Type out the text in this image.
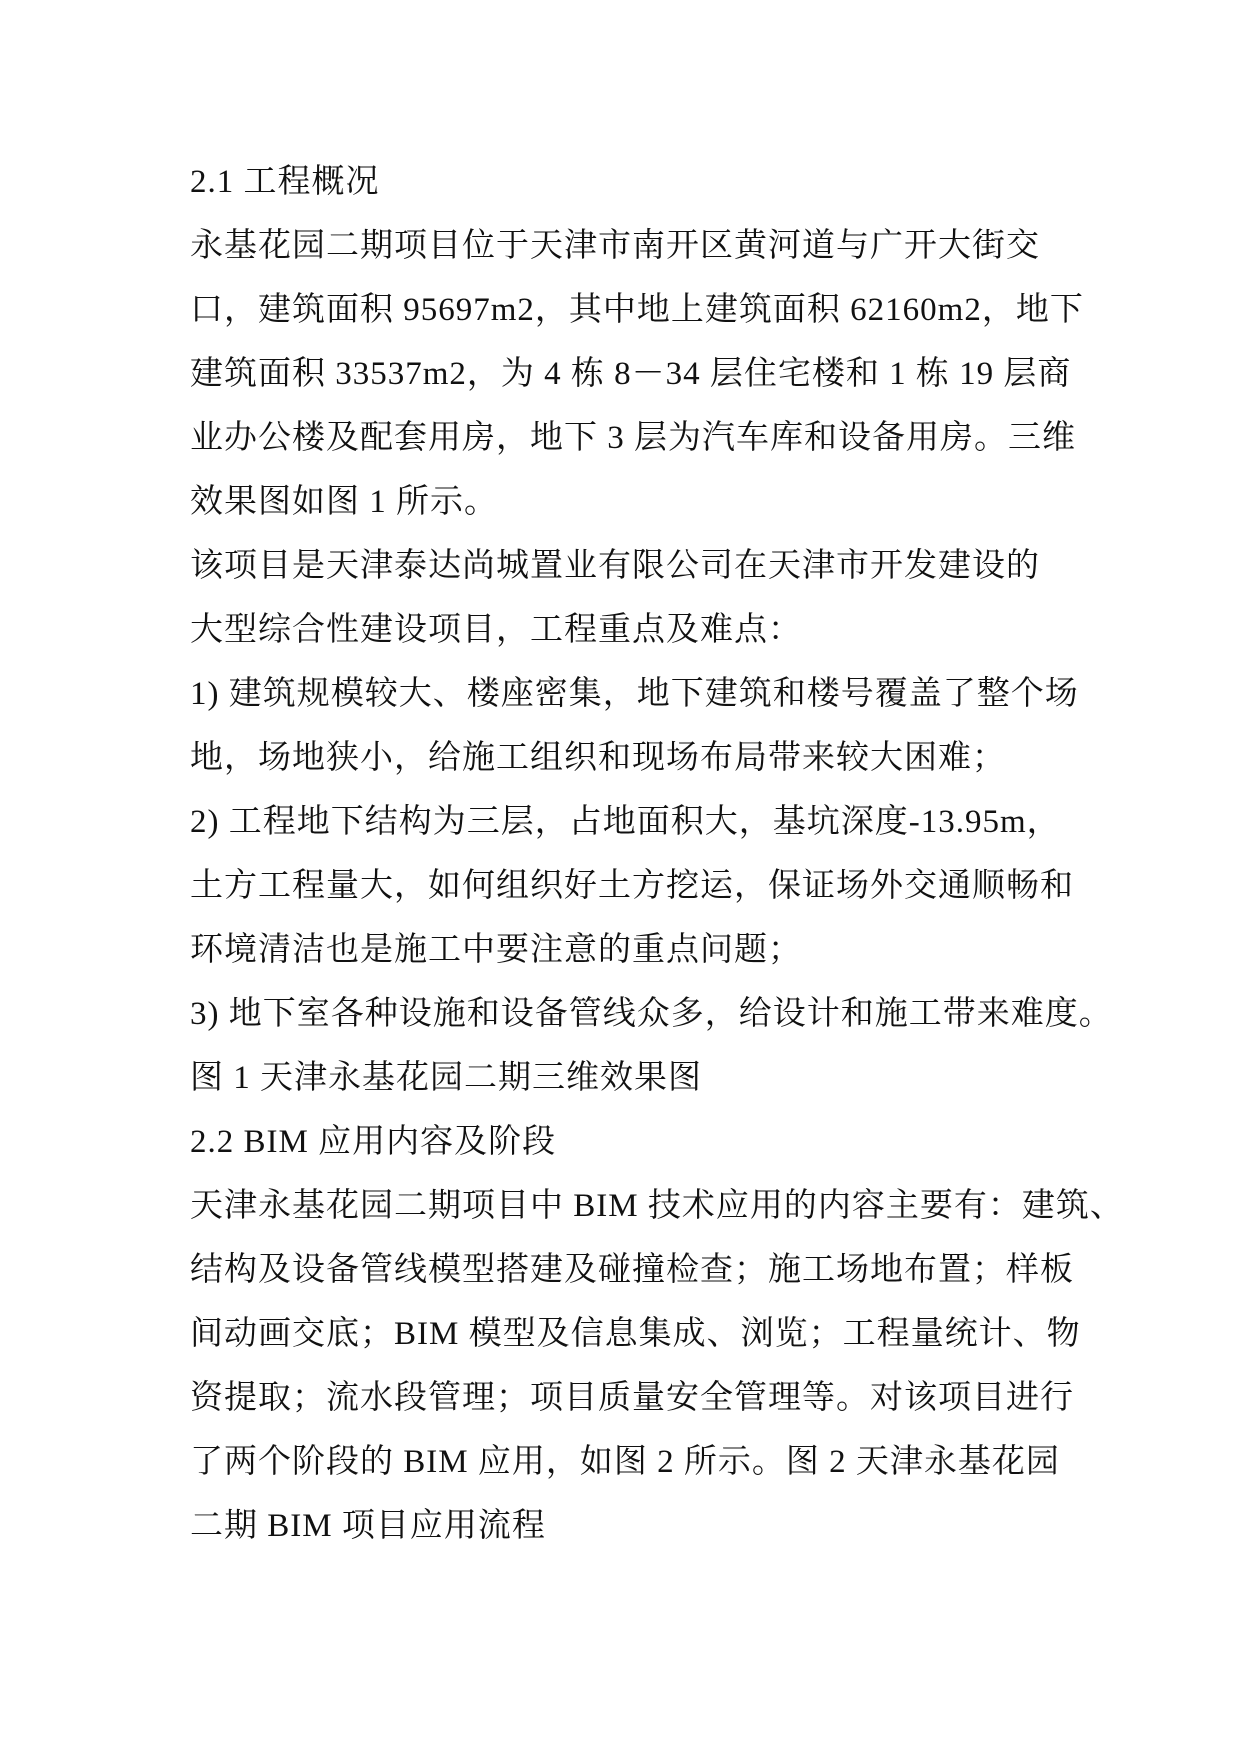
2.1 工程概况
永基花园二期项目位于天津市南开区黄河道与广开大街交
口，建筑面积 95697m2，其中地上建筑面积 62160m2，地下
建筑面积 33537m2，为 4 栋 8－34 层住宅楼和 1 栋 19 层商
业办公楼及配套用房，地下 3 层为汽车库和设备用房。三维
效果图如图 1 所示。
该项目是天津泰达尚城置业有限公司在天津市开发建设的
大型综合性建设项目，工程重点及难点：
1) 建筑规模较大、楼座密集，地下建筑和楼号覆盖了整个场
地，场地狭小，给施工组织和现场布局带来较大困难；
2) 工程地下结构为三层，占地面积大，基坑深度-13.95m，
土方工程量大，如何组织好土方挖运，保证场外交通顺畅和
环境清洁也是施工中要注意的重点问题；
3) 地下室各种设施和设备管线众多，给设计和施工带来难度。
图 1 天津永基花园二期三维效果图
2.2 BIM 应用内容及阶段
天津永基花园二期项目中 BIM 技术应用的内容主要有：建筑、
结构及设备管线模型搭建及碰撞检查；施工场地布置；样板
间动画交底；BIM 模型及信息集成、浏览；工程量统计、物
资提取；流水段管理；项目质量安全管理等。对该项目进行
了两个阶段的 BIM 应用，如图 2 所示。图 2 天津永基花园
二期 BIM 项目应用流程
